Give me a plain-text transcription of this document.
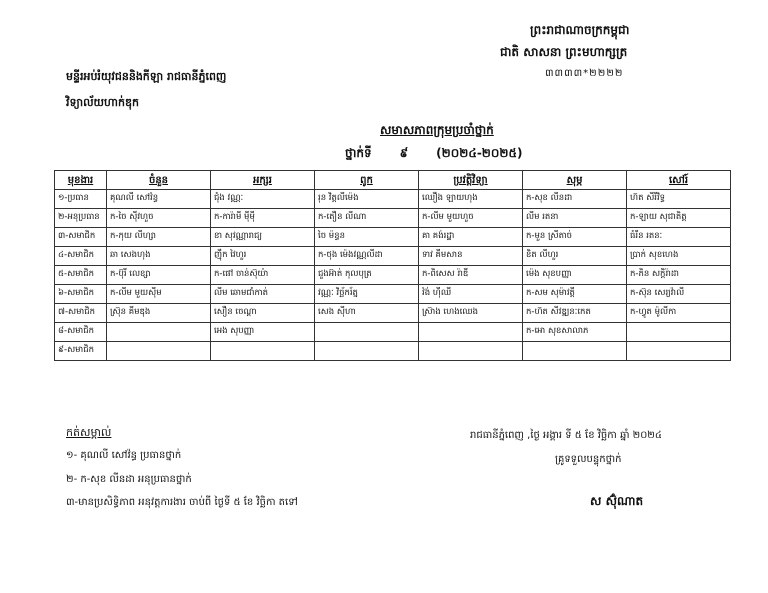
ព្រះរាជាណាចក្រកម្ពុជា
ជាតិ សាសនា ព្រះមហាក្សត្រ
៣៣៣៣*២២២២
មន្ទីរអប់រំយុវជននិងកីឡា រាជធានីភ្នំពេញ
វិទ្យាល័យហាក់ឌុក
សមាសភាពក្រុមប្រចាំថ្នាក់
ថ្នាក់ទី ៩ (២០២៤-២០២៥)
មុខងារ	ចំនួន	អក្សរ	ពូក	ប្រវត្តិវិទ្យា	សុម្ភ	សៅរ៍
១-ប្រធាន	គុណលី សៅវ៉ន្ធ	ជុំង វណ្ណៈ	រុន វិត្តលីម៉េង	ឈឿង ឡាយហុង	ក-សុខ លីនដា	ហ៊ត សីរីវិទ្ធ
២-អនុប្រធាន	ក-ចៃ ស៊ីវហួច	ក-ការ៉ាមី ម៉ីម៉ី	ក-តឿន លីណា	ក-លីម មួយហួច	លីម រតនា	ក-ឡាយ សុជាតិត្ត
៣-សមាជិក	ក-កុយ លីហ្សា	ខា សុវណ្ណារាជ្យ	ចៃ ម៉ន្ធន	គា គង់រដ្ឋា	ក-មួន ស្រីតាច់	ធំរីន រតនៈ
៤-សមាជិក	ឆា សេងហុង	ញ៉ឹក វៃហួរ	ក-ថុង ម៉េងវណ្ណលីដា	ទាវ គីមសាន	ខិត លីហួរ	ប្រាក់ សុខហេង
៥-សមាជិក	ក-ប៊ុរី លេខ្សា	ក-ផៅ ចាន់ស៊ុយ៉ា	ជួងអ៊ាត់ កុលបុត្រ	ក-ពិសេស រ៉ាឌី	ម៉េង សុខបញ្ញា	ក-ភិន សក្តិរ៉ាដា
៦-សមាជិក	ក-លីម មួយស៊ីម	លីម ឆោមជាំកាត់	វណ្ណៈ វិច្ឆ័ករ័ត្ន	វ៉ង់ ហ៊ីឈី	ក-សម សុម៉ាវត្តី	ក-ស៊ុន សេរ្យវ៉ាលី
៧-សមាជិក	ស្រ៊ុន គីមឌុង	សឿន ចេណ្ដា	សេង សុីហា	ស្រ៊ាង ហេងឈេង	ក-ហ៊ត សីវឌ្ឍនៈកេត	ក-ហ្វូត ម៉ូលីកា
៨-សមាជិក		អេង សុបញ្ញា			ក-អោ សុខសាលាភ	
៩-សមាជិក						
កត់សម្គាល់
១- គុណលី សៅវ៉ន្ធ ប្រធានថ្នាក់
២- ក-សុខ លីនដា អនុប្រធានថ្នាក់
៣-មានប្រសិទ្ធិភាព អនុវត្តការងារ ចាប់ពី ថ្ងៃទី ៥ ខែ វិច្ឆិកា តទៅ
រាជធានីភ្នំពេញ ,ថ្ងៃ អង្គារ ទី ៥ ខែ វិច្ឆិកា ឆ្នាំ ២០២៤
គ្រូទទួលបន្ទុកថ្នាក់
ស ស៊ុំណាត
